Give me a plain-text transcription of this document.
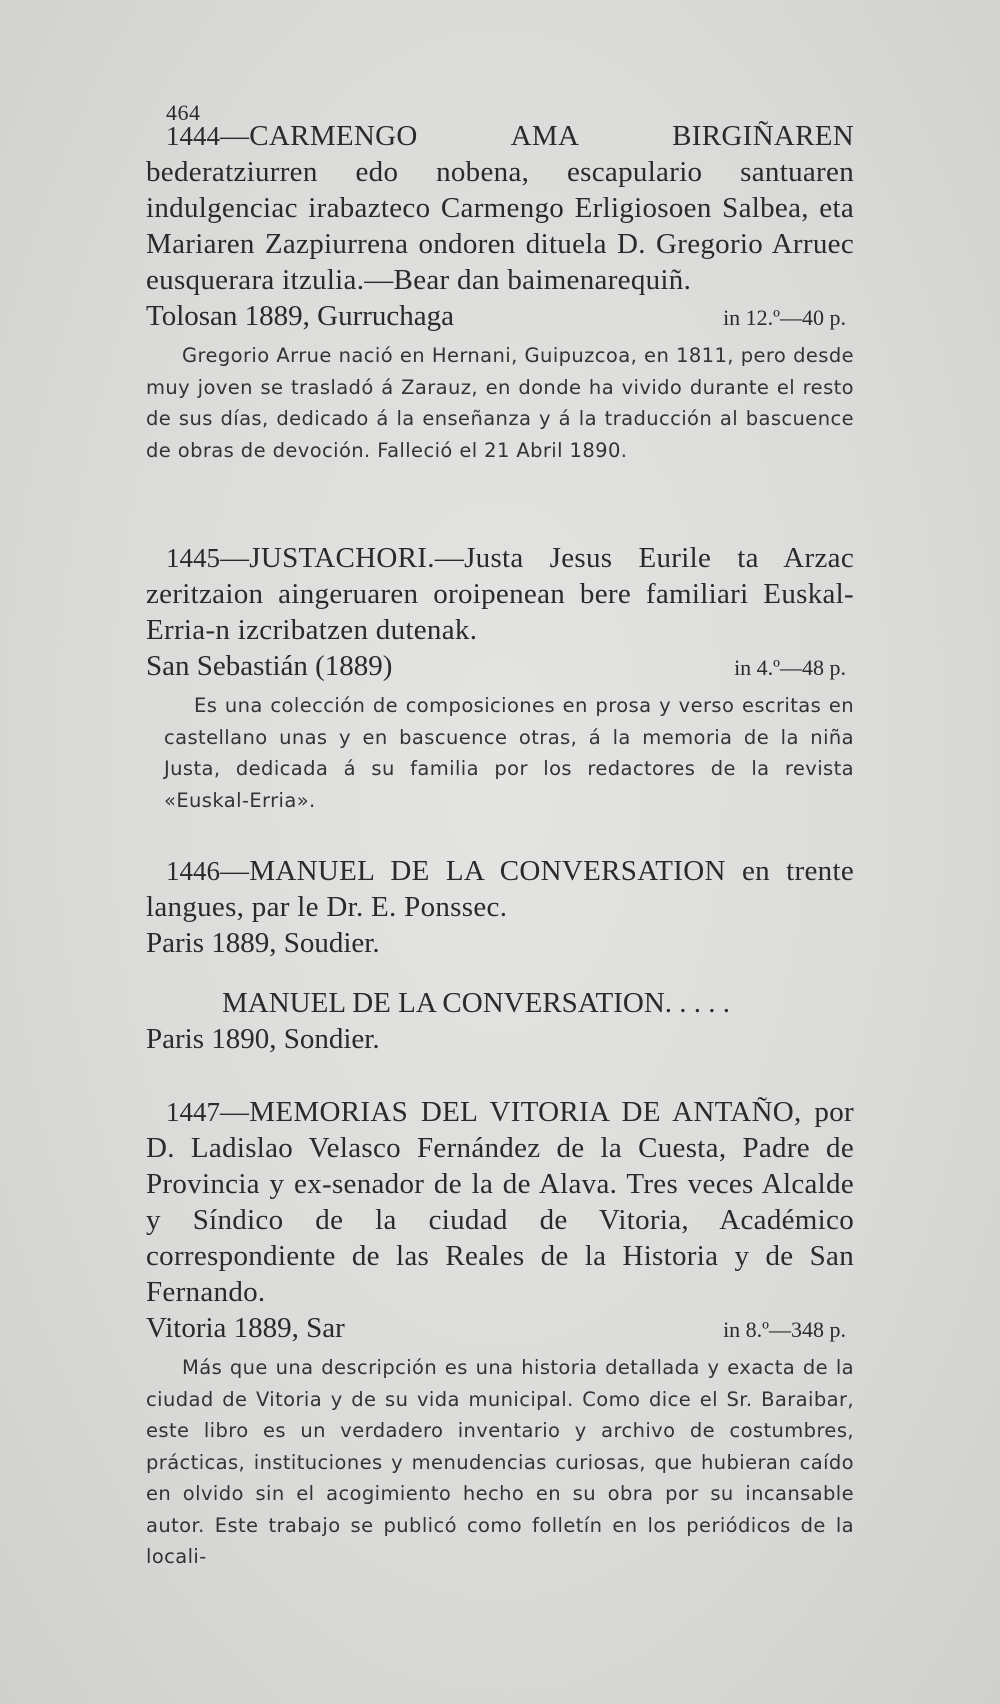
464

1444—CARMENGO AMA BIRGIÑAREN bederatziurren edo nobena, escapulario santuaren indulgenciac irabazteco Carmengo Erligiosoen Salbea, eta Mariaren Zazpiurrena ondoren dituela D. Gregorio Arruec eusquerara itzulia.—Bear dan baimenarequiñ.

Tolosan 1889, Gurruchaga	in 12.º—40 p.

Gregorio Arrue nació en Hernani, Guipuzcoa, en 1811, pero desde muy joven se trasladó á Zarauz, en donde ha vivido durante el resto de sus días, dedicado á la enseñanza y á la traducción al bascuence de obras de devoción. Falleció el 21 Abril 1890.

1445—JUSTACHORI.—Justa Jesus Eurile ta Arzac zeritzaion aingeruaren oroipenean bere familiari Euskal-Erria-n izcribatzen dutenak.

San Sebastián (1889)	in 4.º—48 p.

Es una colección de composiciones en prosa y verso escritas en castellano unas y en bascuence otras, á la memoria de la niña Justa, dedicada á su familia por los redactores de la revista «Euskal-Erria».

1446—MANUEL DE LA CONVERSATION en trente langues, par le Dr. E. Ponssec.

Paris 1889, Soudier.

MANUEL DE LA CONVERSATION. . . . .

Paris 1890, Sondier.

1447—MEMORIAS DEL VITORIA DE ANTAÑO, por D. Ladislao Velasco Fernández de la Cuesta, Padre de Provincia y ex-senador de la de Alava. Tres veces Alcalde y Síndico de la ciudad de Vitoria, Académico correspondiente de las Reales de la Historia y de San Fernando.

Vitoria 1889, Sar	in 8.º—348 p.

Más que una descripción es una historia detallada y exacta de la ciudad de Vitoria y de su vida municipal. Como dice el Sr. Baraibar, este libro es un verdadero inventario y archivo de costumbres, prácticas, instituciones y menudencias curiosas, que hubieran caído en olvido sin el acogimiento hecho en su obra por su incansable autor. Este trabajo se publicó como folletín en los periódicos de la locali-
